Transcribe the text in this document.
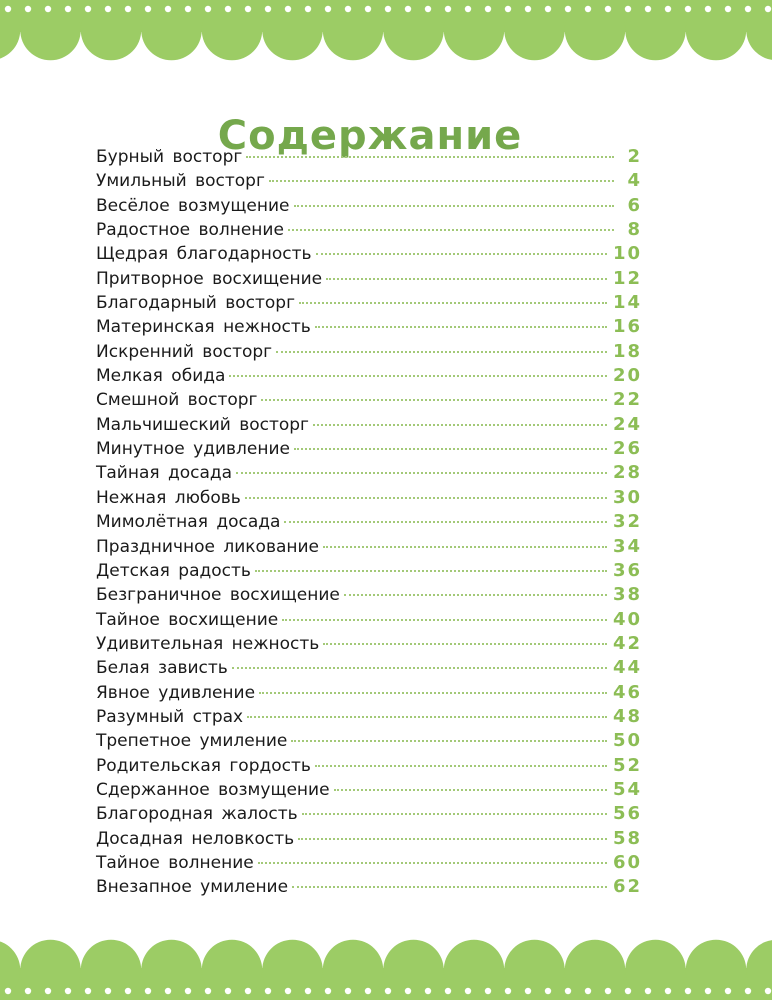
Содержание
Бурный восторг	2
Умильный восторг	4
Весёлое возмущение	6
Радостное волнение	8
Щедрая благодарность	10
Притворное восхищение	12
Благодарный восторг	14
Материнская нежность	16
Искренний восторг	18
Мелкая обида	20
Смешной восторг	22
Мальчишеский восторг	24
Минутное удивление	26
Тайная досада	28
Нежная любовь	30
Мимолётная досада	32
Праздничное ликование	34
Детская радость	36
Безграничное восхищение	38
Тайное восхищение	40
Удивительная нежность	42
Белая зависть	44
Явное удивление	46
Разумный страх	48
Трепетное умиление	50
Родительская гордость	52
Сдержанное возмущение	54
Благородная жалость	56
Досадная неловкость	58
Тайное волнение	60
Внезапное умиление	62
